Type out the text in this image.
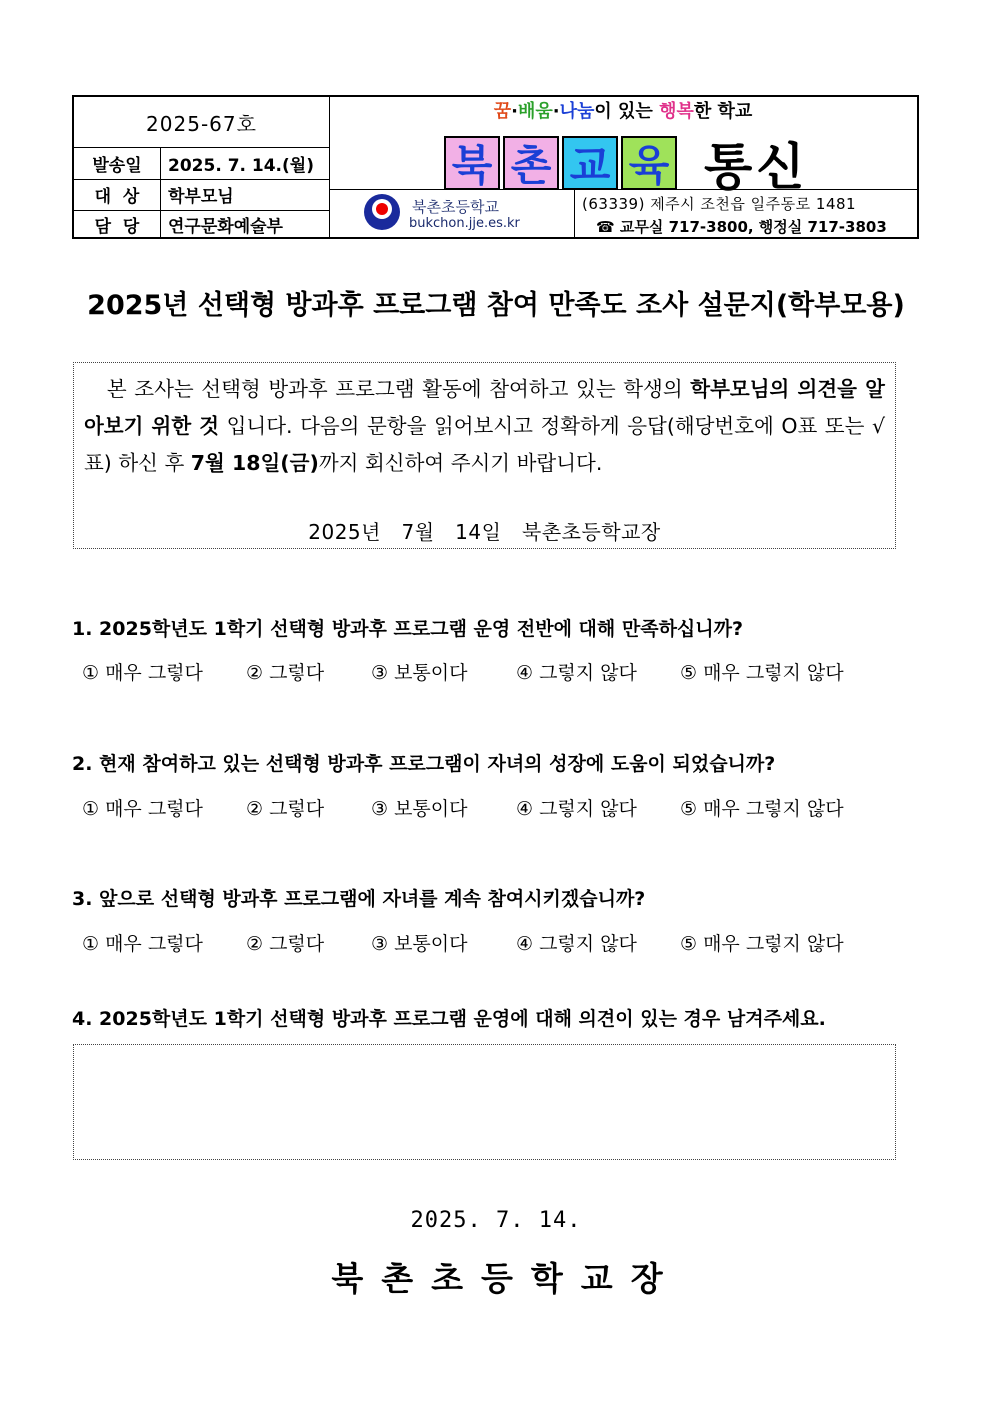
2025-67호
발송일	2025. 7. 14.(월)
대  상	학부모님
담  당	연구문화예술부
꿈·배움·나눔이 있는 행복한 학교
북 촌 교 육 통신
북촌초등학교
bukchon.jje.es.kr
(63339) 제주시 조천읍 일주동로 1481
☎ 교무실 717-3800, 행정실 717-3803
2025년 선택형 방과후 프로그램 참여 만족도 조사 설문지(학부모용)

본 조사는 선택형 방과후 프로그램 활동에 참여하고 있는 학생의 학부모님의 의견을 알아보기 위한 것 입니다. 다음의 문항을 읽어보시고 정확하게 응답(해당번호에 O표 또는 √표) 하신 후 7월 18일(금)까지 회신하여 주시기 바랍니다.

2025년   7월   14일   북촌초등학교장

1. 2025학년도 1학기 선택형 방과후 프로그램 운영 전반에 대해 만족하십니까?
① 매우 그렇다	② 그렇다	③ 보통이다	④ 그렇지 않다	⑤ 매우 그렇지 않다
2. 현재 참여하고 있는 선택형 방과후 프로그램이 자녀의 성장에 도움이 되었습니까?
① 매우 그렇다	② 그렇다	③ 보통이다	④ 그렇지 않다	⑤ 매우 그렇지 않다
3. 앞으로 선택형 방과후 프로그램에 자녀를 계속 참여시키겠습니까?
① 매우 그렇다	② 그렇다	③ 보통이다	④ 그렇지 않다	⑤ 매우 그렇지 않다
4. 2025학년도 1학기 선택형 방과후 프로그램 운영에 대해 의견이 있는 경우 남겨주세요.
2025. 7. 14.
북촌초등학교장
